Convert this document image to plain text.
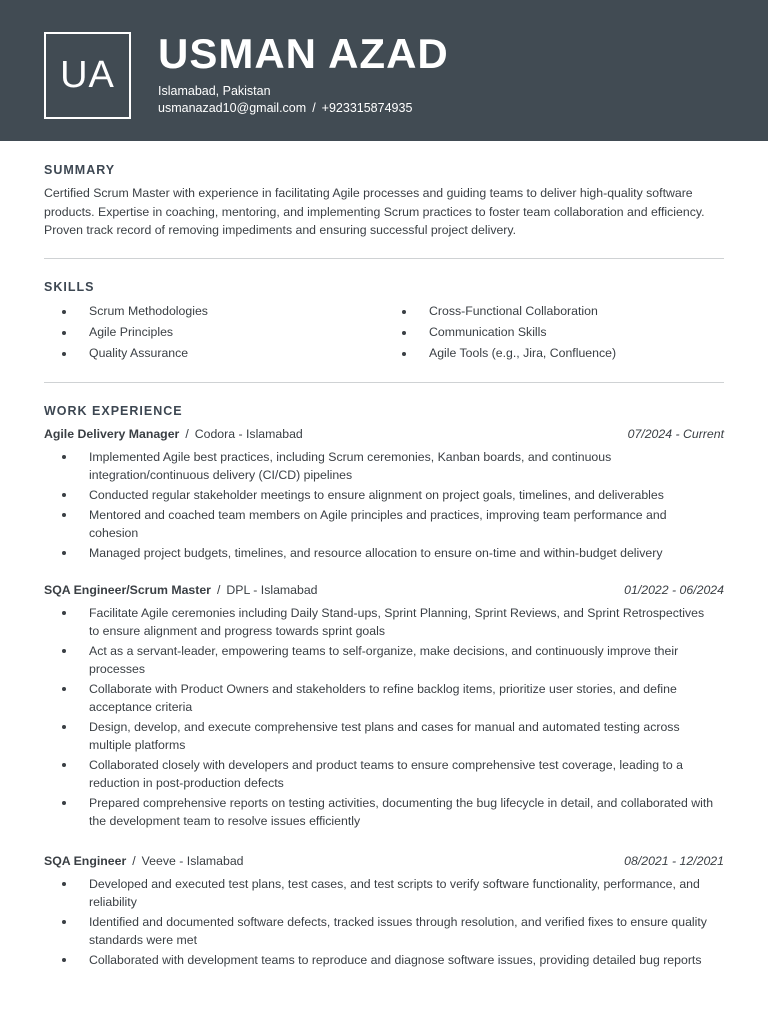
UA	USMAN AZAD
Islamabad, Pakistan
usmanazad10@gmail.com / +923315874935
SUMMARY
Certified Scrum Master with experience in facilitating Agile processes and guiding teams to deliver high-quality software products. Expertise in coaching, mentoring, and implementing Scrum practices to foster team collaboration and efficiency. Proven track record of removing impediments and ensuring successful project delivery.
SKILLS
Scrum Methodologies
Agile Principles
Quality Assurance
Cross-Functional Collaboration
Communication Skills
Agile Tools (e.g., Jira, Confluence)
WORK EXPERIENCE
Agile Delivery Manager / Codora - Islamabad	07/2024 - Current
Implemented Agile best practices, including Scrum ceremonies, Kanban boards, and continuous integration/continuous delivery (CI/CD) pipelines
Conducted regular stakeholder meetings to ensure alignment on project goals, timelines, and deliverables
Mentored and coached team members on Agile principles and practices, improving team performance and cohesion
Managed project budgets, timelines, and resource allocation to ensure on-time and within-budget delivery
SQA Engineer/Scrum Master / DPL - Islamabad	01/2022 - 06/2024
Facilitate Agile ceremonies including Daily Stand-ups, Sprint Planning, Sprint Reviews, and Sprint Retrospectives to ensure alignment and progress towards sprint goals
Act as a servant-leader, empowering teams to self-organize, make decisions, and continuously improve their processes
Collaborate with Product Owners and stakeholders to refine backlog items, prioritize user stories, and define acceptance criteria
Design, develop, and execute comprehensive test plans and cases for manual and automated testing across multiple platforms
Collaborated closely with developers and product teams to ensure comprehensive test coverage, leading to a reduction in post-production defects
Prepared comprehensive reports on testing activities, documenting the bug lifecycle in detail, and collaborated with the development team to resolve issues efficiently
SQA Engineer / Veeve - Islamabad	08/2021 - 12/2021
Developed and executed test plans, test cases, and test scripts to verify software functionality, performance, and reliability
Identified and documented software defects, tracked issues through resolution, and verified fixes to ensure quality standards were met
Collaborated with development teams to reproduce and diagnose software issues, providing detailed bug reports
